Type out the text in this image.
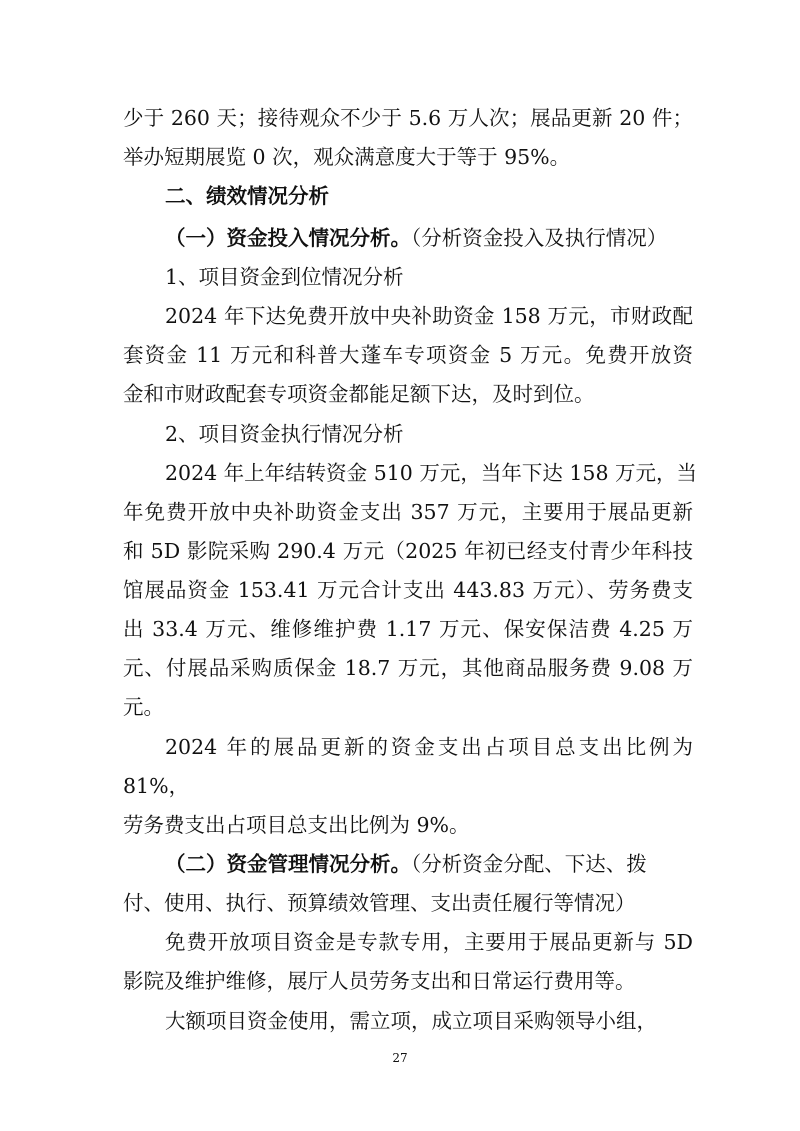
少于 260 天；接待观众不少于 5.6 万人次；展品更新 20 件；
举办短期展览 0 次，观众满意度大于等于 95%。
二、绩效情况分析
（一）资金投入情况分析。（分析资金投入及执行情况）
1、项目资金到位情况分析
2024 年下达免费开放中央补助资金 158 万元，市财政配
套资金 11 万元和科普大蓬车专项资金 5 万元。免费开放资
金和市财政配套专项资金都能足额下达，及时到位。
2、项目资金执行情况分析
2024 年上年结转资金 510 万元，当年下达 158 万元，当
年免费开放中央补助资金支出 357 万元，主要用于展品更新
和 5D 影院采购 290.4 万元（2025 年初已经支付青少年科技
馆展品资金 153.41 万元合计支出 443.83 万元）、劳务费支
出 33.4 万元、维修维护费 1.17 万元、保安保洁费 4.25 万
元、付展品采购质保金 18.7 万元，其他商品服务费 9.08 万
元。
2024 年的展品更新的资金支出占项目总支出比例为
81%，
劳务费支出占项目总支出比例为 9%。
（二）资金管理情况分析。（分析资金分配、下达、拨
付、使用、执行、预算绩效管理、支出责任履行等情况）
免费开放项目资金是专款专用，主要用于展品更新与 5D
影院及维护维修，展厅人员劳务支出和日常运行费用等。
大额项目资金使用，需立项，成立项目采购领导小组，
27
